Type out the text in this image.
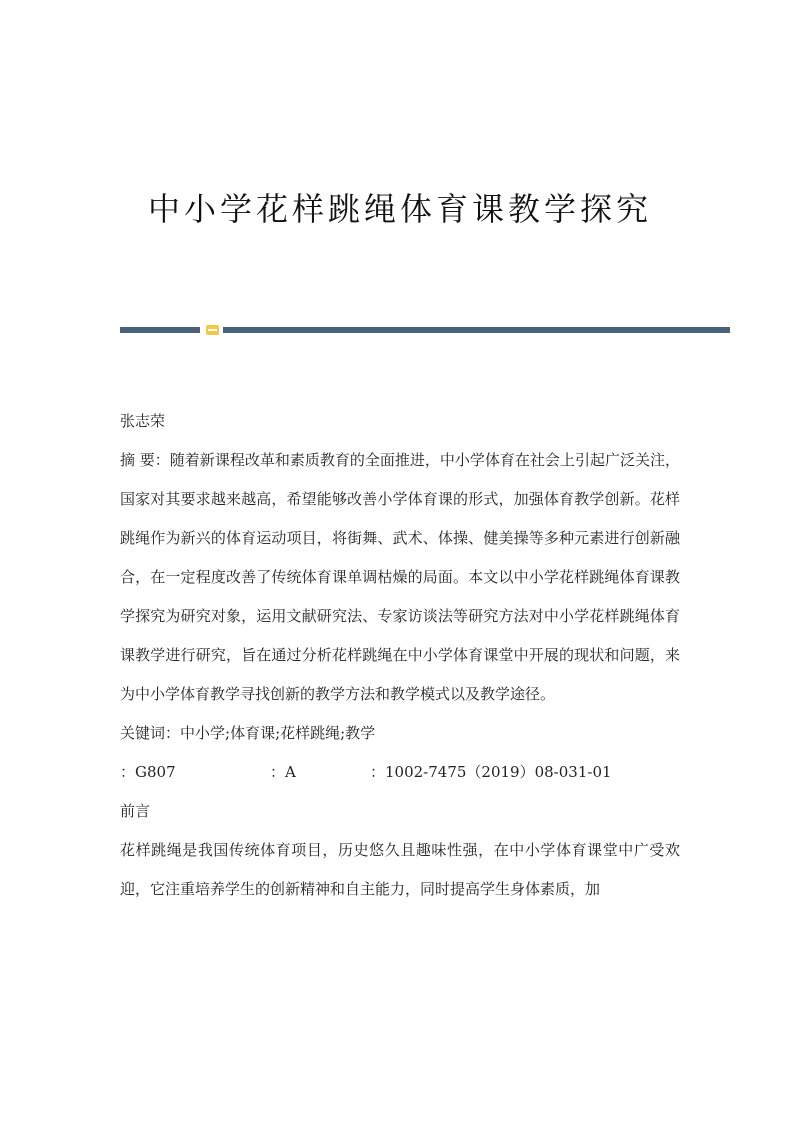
中小学花样跳绳体育课教学探究

张志荣

摘 要：随着新课程改革和素质教育的全面推进，中小学体育在社会上引起广泛关注，国家对其要求越来越高，希望能够改善小学体育课的形式，加强体育教学创新。花样跳绳作为新兴的体育运动项目，将街舞、武术、体操、健美操等多种元素进行创新融合，在一定程度改善了传统体育课单调枯燥的局面。本文以中小学花样跳绳体育课教学探究为研究对象，运用文献研究法、专家访谈法等研究方法对中小学花样跳绳体育课教学进行研究，旨在通过分析花样跳绳在中小学体育课堂中开展的现状和问题，来为中小学体育教学寻找创新的教学方法和教学模式以及教学途径。

关键词：中小学;体育课;花样跳绳;教学

：G807	：A	：1002-7475（2019）08-031-01

前言

花样跳绳是我国传统体育项目，历史悠久且趣味性强，在中小学体育课堂中广受欢迎，它注重培养学生的创新精神和自主能力，同时提高学生身体素质，加
